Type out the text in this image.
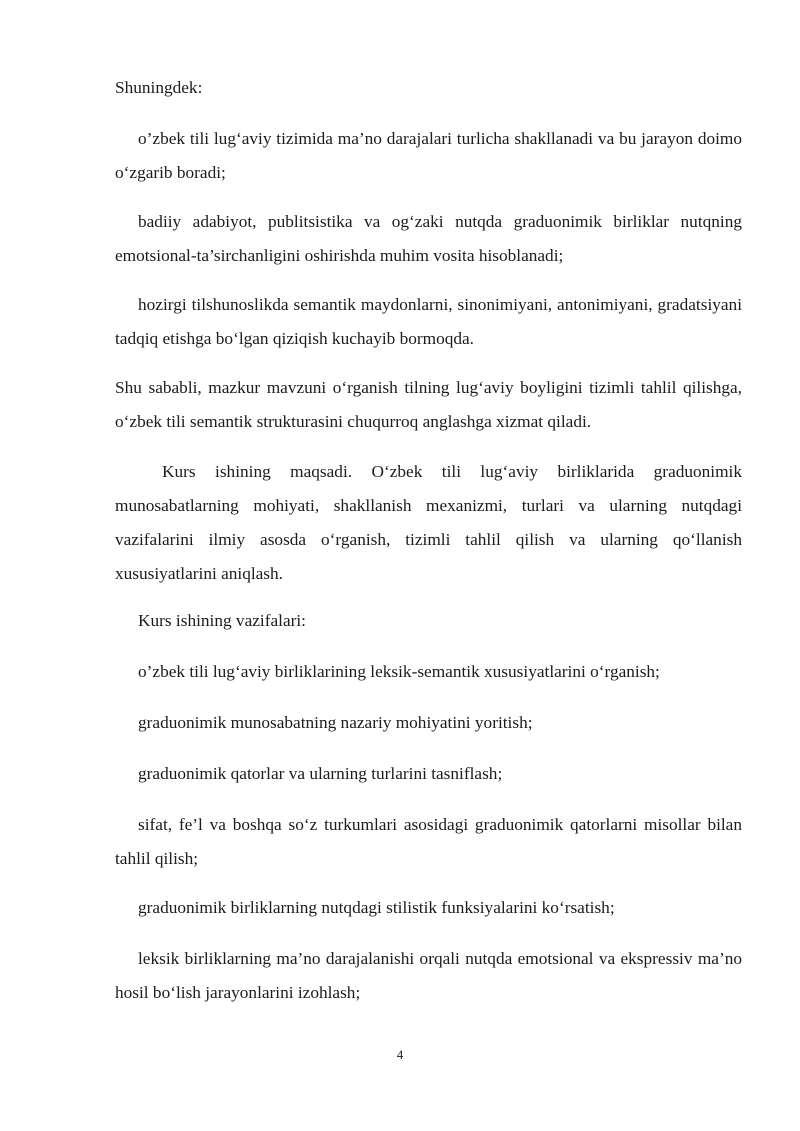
Shuningdek:

o’zbek tili lug‘aviy tizimida ma’no darajalari turlicha shakllanadi va bu jarayon doimo o‘zgarib boradi;

badiiy adabiyot, publitsistika va og‘zaki nutqda graduonimik birliklar nutqning emotsional-ta’sirchanligini oshirishda muhim vosita hisoblanadi;

hozirgi tilshunoslikda semantik maydonlarni, sinonimiyani, antonimiyani, gradatsiyani tadqiq etishga bo‘lgan qiziqish kuchayib bormoqda.

Shu sababli, mazkur mavzuni o‘rganish tilning lug‘aviy boyligini tizimli tahlil qilishga, o‘zbek tili semantik strukturasini chuqurroq anglashga xizmat qiladi.

Kurs ishining maqsadi. O‘zbek tili lug‘aviy birliklarida graduonimik munosabatlarning mohiyati, shakllanish mexanizmi, turlari va ularning nutqdagi vazifalarini ilmiy asosda o‘rganish, tizimli tahlil qilish va ularning qo‘llanish xususiyatlarini aniqlash.

Kurs ishining vazifalari:

o’zbek tili lug‘aviy birliklarining leksik-semantik xususiyatlarini o‘rganish;

graduonimik munosabatning nazariy mohiyatini yoritish;

graduonimik qatorlar va ularning turlarini tasniflash;

sifat, fe’l va boshqa so‘z turkumlari asosidagi graduonimik qatorlarni misollar bilan tahlil qilish;

graduonimik birliklarning nutqdagi stilistik funksiyalarini ko‘rsatish;

leksik birliklarning ma’no darajalanishi orqali nutqda emotsional va ekspressiv ma’no hosil bo‘lish jarayonlarini izohlash;

4
